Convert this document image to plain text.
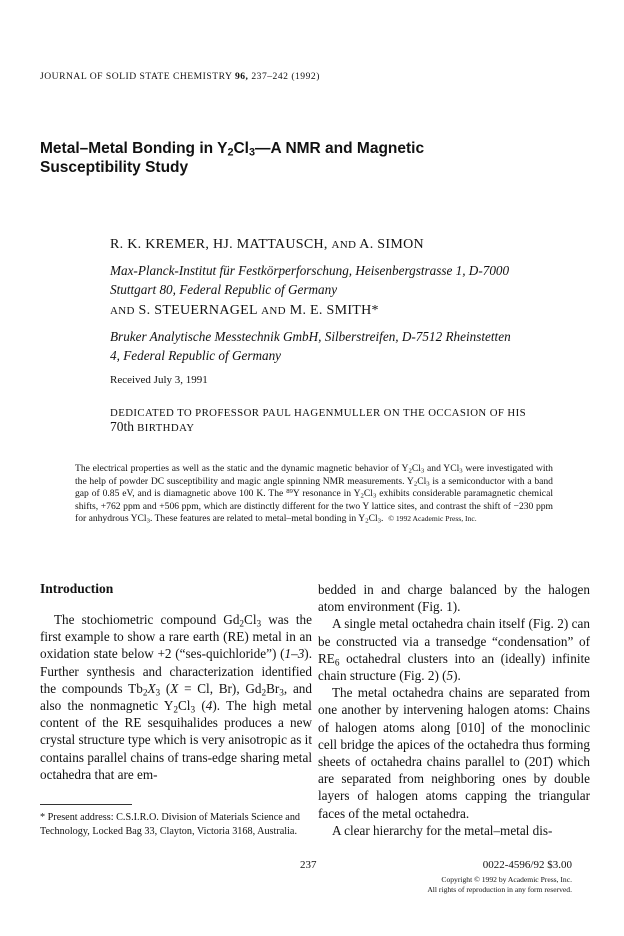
JOURNAL OF SOLID STATE CHEMISTRY 96, 237–242 (1992)
Metal–Metal Bonding in $Y_2Cl_3—A$ NMR and Magnetic
Susceptibility Study
R. K. KREMER, HJ. MATTAUSCH, AND A. SIMON
Max-Planck-Institut für Festkörperforschung, Heisenbergstrasse 1, D-7000
Stuttgart 80, Federal Republic of Germany
AND S. STEUERNAGEL AND M. E. SMITH*
Bruker Analytische Messtechnik GmbH, Silberstreifen, D-7512 Rheinstetten
4, Federal Republic of Germany
Received July 3, 1991
DEDICATED TO PROFESSOR PAUL HAGENMULLER ON THE OCCASION OF HIS
70th BIRTHDAY
The electrical properties as well as the static and the dynamic magnetic behavior of $Y_2Cl_3$ and YCl$_3$ were investigated with the help of powder DC susceptibility and magic angle spinning NMR measurements. $Y_2Cl_3$ is a semiconductor with a band gap of 0.85 eV, and is diamagnetic above 100 K. The $^{89}$Y resonance in $Y_2Cl_3$ exhibits considerable paramagnetic chemical shifts, +762 ppm and +506 ppm, which are distinctly different for the two Y lattice sites, and contrast the shift of −230 ppm for anhydrous YCl$_3$. These features are related to metal–metal bonding in $Y_2Cl_3$. © 1992 Academic Press, Inc.
Introduction

The stochiometric compound $Gd_2Cl_3$ was the first example to show a rare earth (RE) metal in an oxidation state below +2 (“ses-quichloride”) (1–3). Further synthesis and characterization identified the compounds $Tb_2X_3$ (X = Cl, Br), $Gd_2Br_3$, and also the nonmagnetic $Y_2Cl_3$ (4). The high metal content of the RE sesquihalides produces a new crystal structure type which is very anisotropic as it contains parallel chains of trans-edge sharing metal octahedra that are em-

bedded in and charge balanced by the halogen atom environment (Fig. 1).

A single metal octahedra chain itself (Fig. 2) can be constructed via a transedge “condensation” of $RE_6$ octahedral clusters into an (ideally) infinite chain structure (Fig. 2) (5).

The metal octahedra chains are separated from one another by intervening halogen atoms: Chains of halogen atoms along [010] of the monoclinic cell bridge the apices of the octahedra thus forming sheets of octahedra chains parallel to (201̄) which are separated from neighboring ones by double layers of halogen atoms capping the triangular faces of the metal octahedra.

A clear hierarchy for the metal–metal dis-

* Present address: C.S.I.R.O. Division of Materials Science and Technology, Locked Bag 33, Clayton, Victoria 3168, Australia.
237	0022-4596/92 $3.00
Copyright © 1992 by Academic Press, Inc.
All rights of reproduction in any form reserved.
